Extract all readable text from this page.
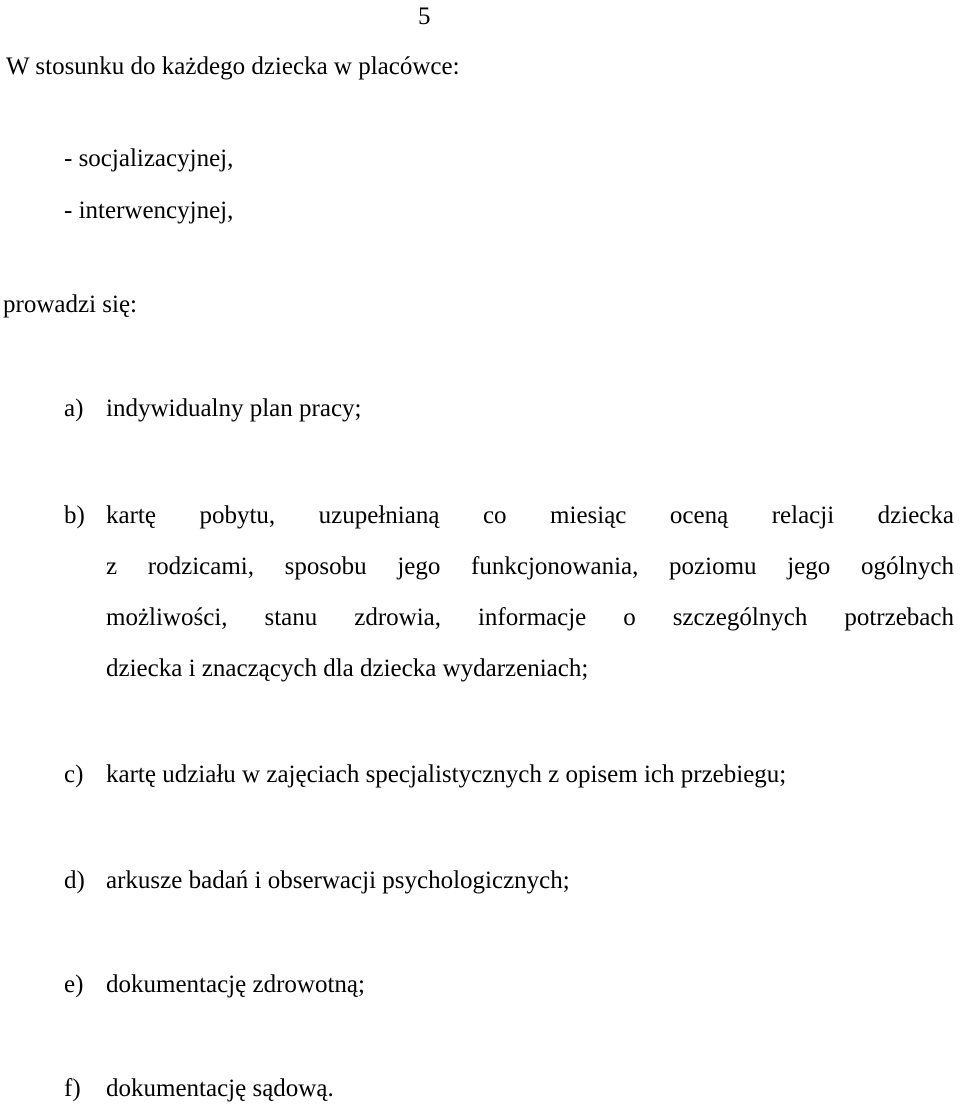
5
W stosunku do każdego dziecka w placówce:
- socjalizacyjnej,
- interwencyjnej,
prowadzi się:
a) indywidualny plan pracy;
b) kartę pobytu, uzupełnianą co miesiąc oceną relacji dziecka
z rodzicami, sposobu jego funkcjonowania, poziomu jego ogólnych
możliwości, stanu zdrowia, informacje o szczególnych potrzebach
dziecka i znaczących dla dziecka wydarzeniach;
c) kartę udziału w zajęciach specjalistycznych z opisem ich przebiegu;
d) arkusze badań i obserwacji psychologicznych;
e) dokumentację zdrowotną;
f) dokumentację sądową.
